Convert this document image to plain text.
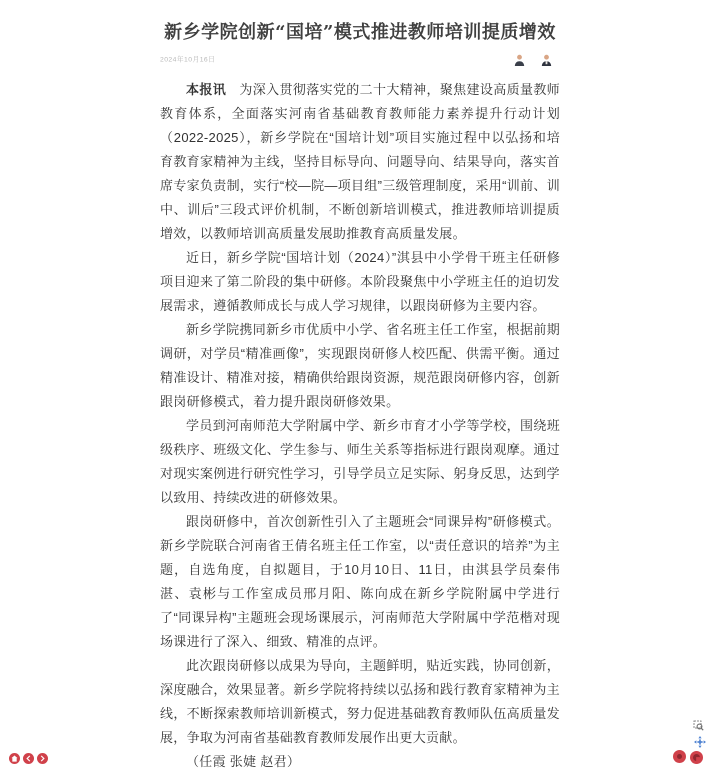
新乡学院创新“国培”模式推进教师培训提质增效
2024年10月16日

本报讯　为深入贯彻落实党的二十大精神，聚焦建设高质量教师教育体系，全面落实河南省基础教育教师能力素养提升行动计划（2022-2025），新乡学院在“国培计划”项目实施过程中以弘扬和培育教育家精神为主线，坚持目标导向、问题导向、结果导向，落实首席专家负责制，实行“校—院—项目组”三级管理制度，采用“训前、训中、训后”三段式评价机制，不断创新培训模式，推进教师培训提质增效，以教师培训高质量发展助推教育高质量发展。

近日，新乡学院“国培计划（2024）”淇县中小学骨干班主任研修项目迎来了第二阶段的集中研修。本阶段聚焦中小学班主任的迫切发展需求，遵循教师成长与成人学习规律，以跟岗研修为主要内容。

新乡学院携同新乡市优质中小学、省名班主任工作室，根据前期调研，对学员“精准画像”，实现跟岗研修人校匹配、供需平衡。通过精准设计、精准对接，精确供给跟岗资源，规范跟岗研修内容，创新跟岗研修模式，着力提升跟岗研修效果。

学员到河南师范大学附属中学、新乡市育才小学等学校，围绕班级秩序、班级文化、学生参与、师生关系等指标进行跟岗观摩。通过对现实案例进行研究性学习，引导学员立足实际、躬身反思，达到学以致用、持续改进的研修效果。

跟岗研修中，首次创新性引入了主题班会“同课异构”研修模式。新乡学院联合河南省王倩名班主任工作室，以“责任意识的培养”为主题，自选角度，自拟题目，于10月10日、11日，由淇县学员秦伟湛、袁彬与工作室成员邢月阳、陈向成在新乡学院附属中学进行了“同课异构”主题班会现场课展示，河南师范大学附属中学范楷对现场课进行了深入、细致、精准的点评。

此次跟岗研修以成果为导向，主题鲜明，贴近实践，协同创新，深度融合，效果显著。新乡学院将持续以弘扬和践行教育家精神为主线，不断探索教师培训新模式，努力促进基础教育教师队伍高质量发展，争取为河南省基础教育教师发展作出更大贡献。

（任霞 张婕 赵君）
